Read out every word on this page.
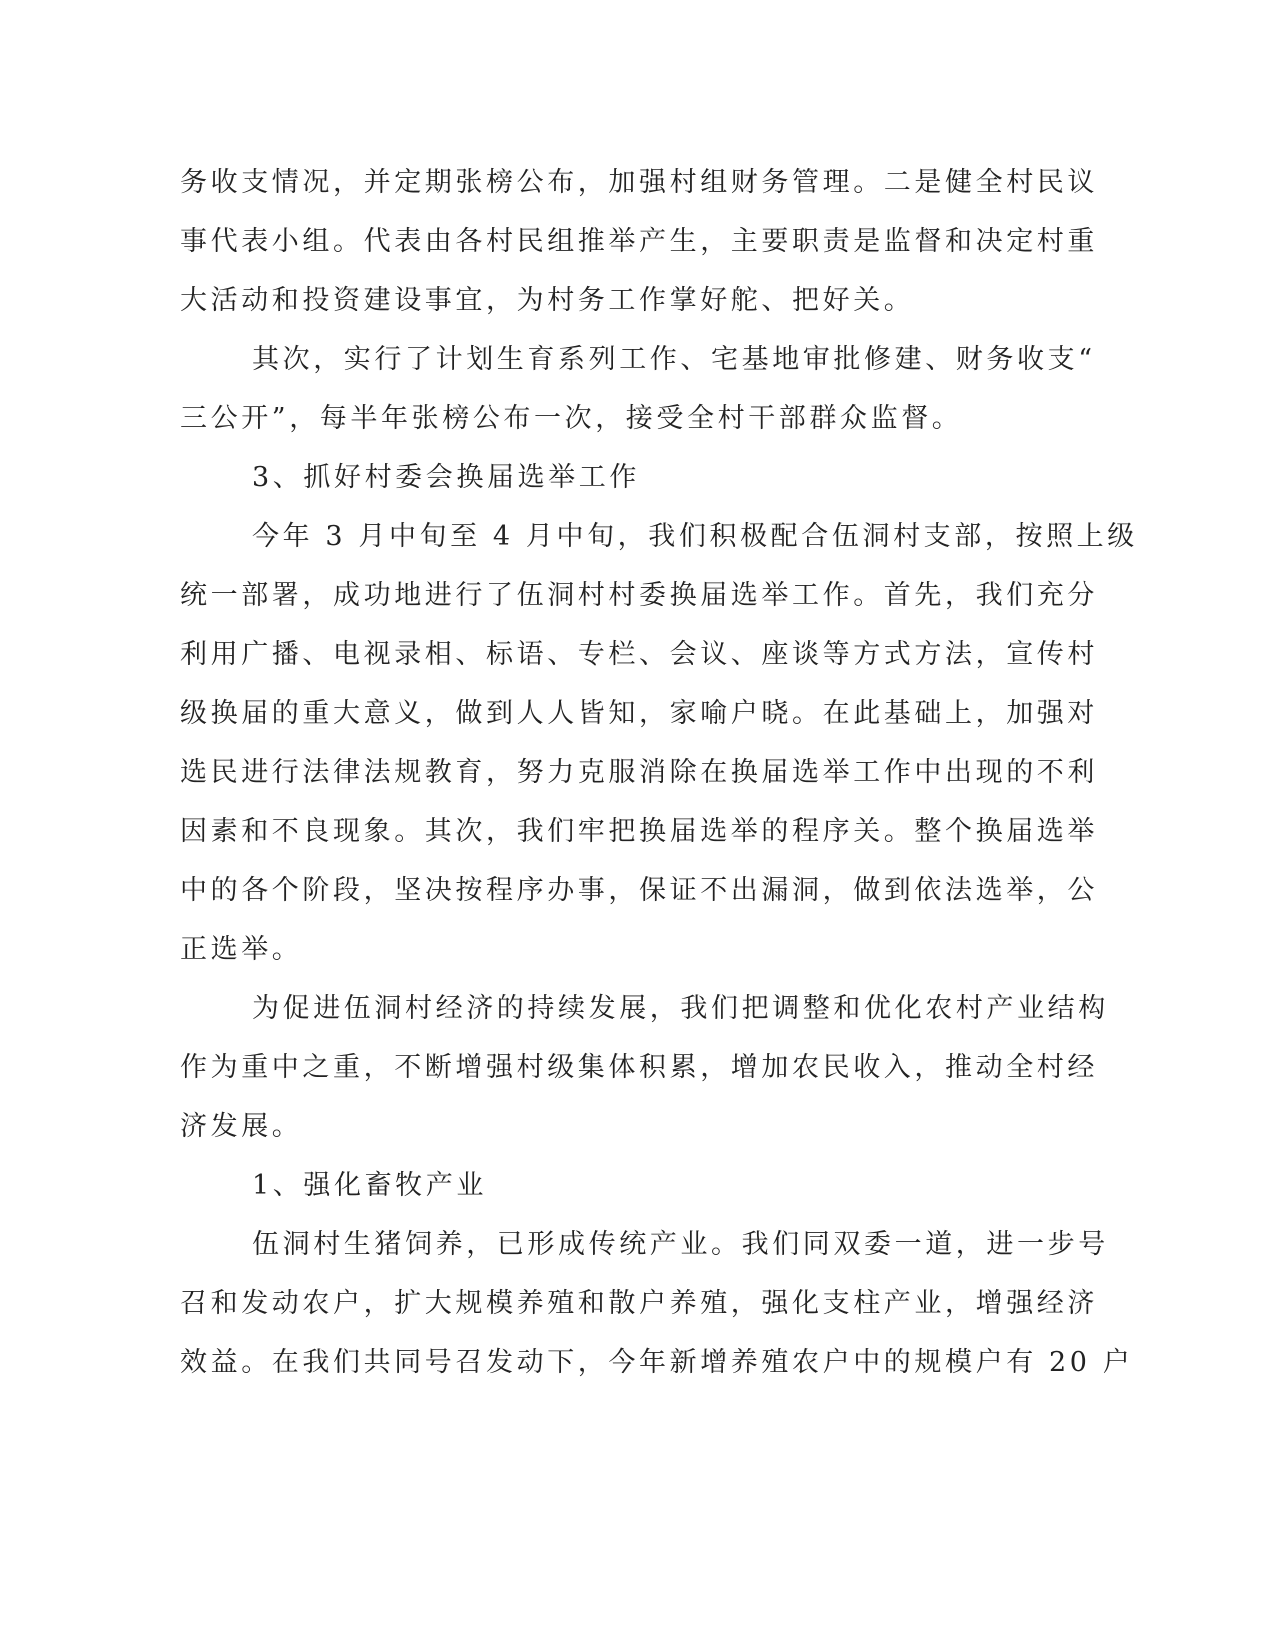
务收支情况，并定期张榜公布，加强村组财务管理。二是健全村民议
事代表小组。代表由各村民组推举产生，主要职责是监督和决定村重
大活动和投资建设事宜，为村务工作掌好舵、把好关。
其次，实行了计划生育系列工作、宅基地审批修建、财务收支“
三公开”，每半年张榜公布一次，接受全村干部群众监督。
3、抓好村委会换届选举工作
今年 3 月中旬至 4 月中旬，我们积极配合伍洞村支部，按照上级
统一部署，成功地进行了伍洞村村委换届选举工作。首先，我们充分
利用广播、电视录相、标语、专栏、会议、座谈等方式方法，宣传村
级换届的重大意义，做到人人皆知，家喻户晓。在此基础上，加强对
选民进行法律法规教育，努力克服消除在换届选举工作中出现的不利
因素和不良现象。其次，我们牢把换届选举的程序关。整个换届选举
中的各个阶段，坚决按程序办事，保证不出漏洞，做到依法选举，公
正选举。
为促进伍洞村经济的持续发展，我们把调整和优化农村产业结构
作为重中之重，不断增强村级集体积累，增加农民收入，推动全村经
济发展。
1、强化畜牧产业
伍洞村生猪饲养，已形成传统产业。我们同双委一道，进一步号
召和发动农户，扩大规模养殖和散户养殖，强化支柱产业，增强经济
效益。在我们共同号召发动下，今年新增养殖农户中的规模户有 20 户
